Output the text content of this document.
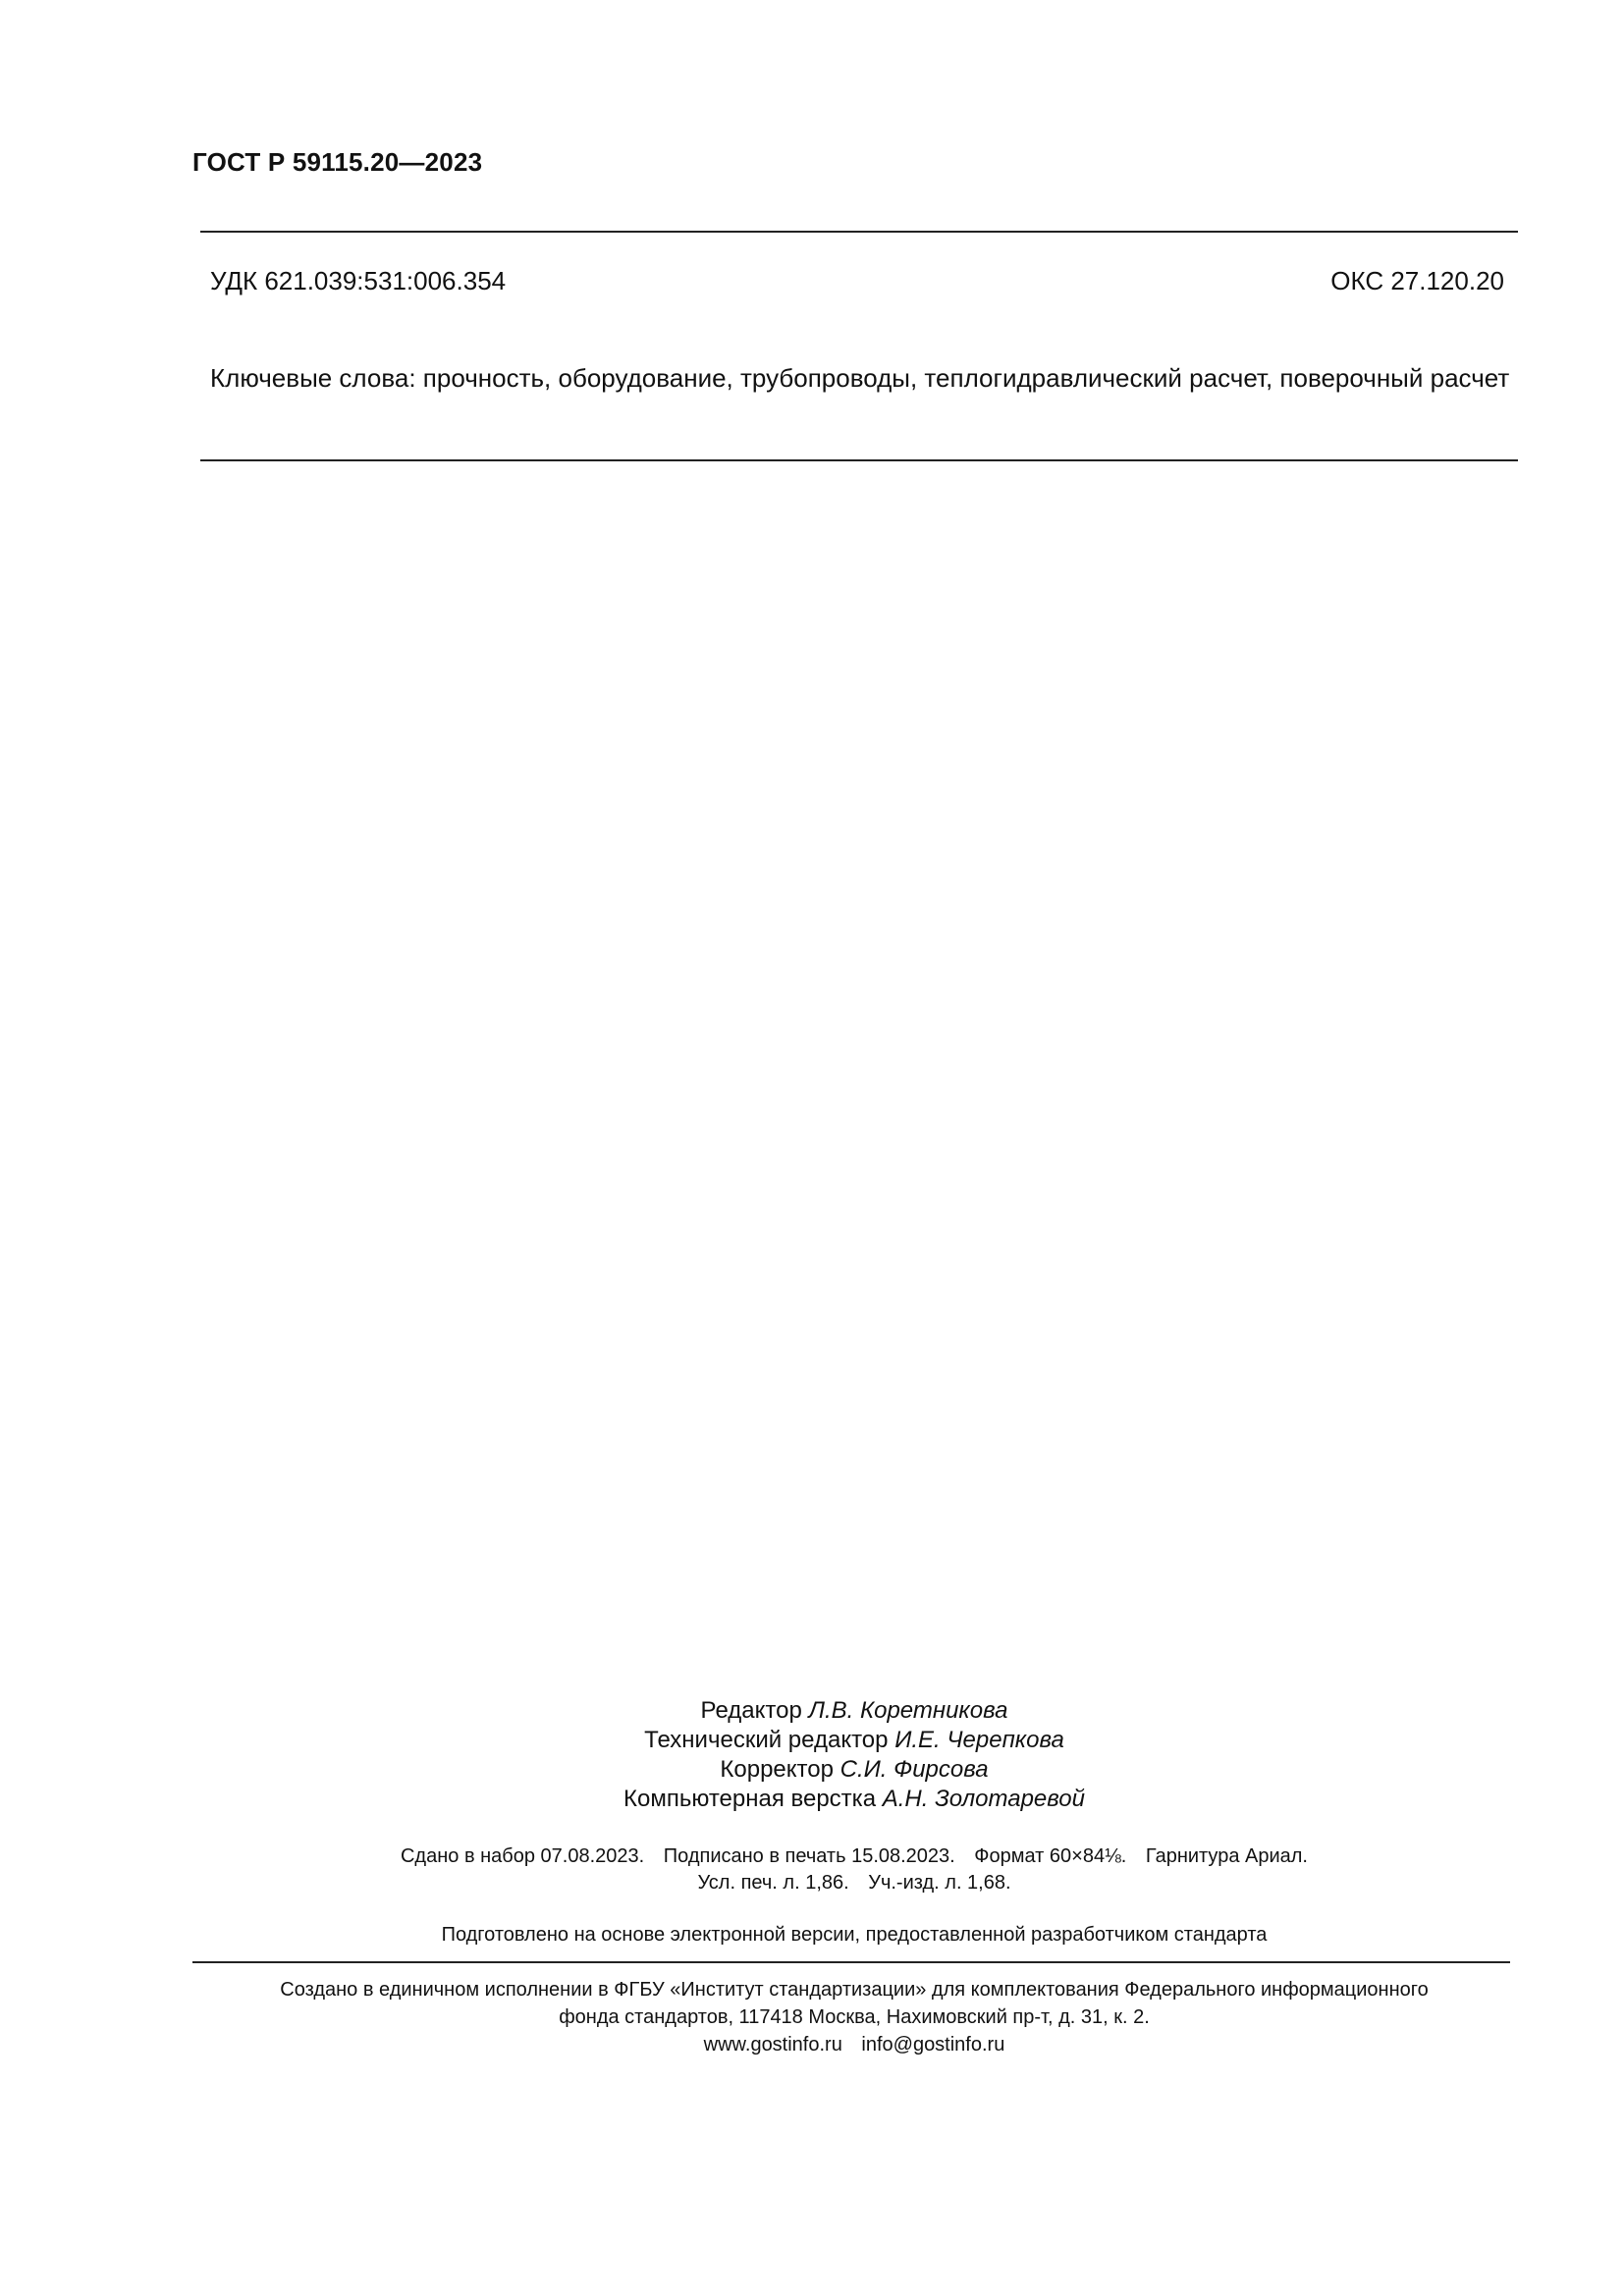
ГОСТ Р 59115.20—2023
УДК 621.039:531:006.354	ОКС 27.120.20
Ключевые слова: прочность, оборудование, трубопроводы, теплогидравлический расчет, поверочный расчет
Редактор Л.В. Коретникова
Технический редактор И.Е. Черепкова
Корректор С.И. Фирсова
Компьютерная верстка А.Н. Золотаревой
Сдано в набор 07.08.2023. Подписано в печать 15.08.2023. Формат 60×84⅛. Гарнитура Ариал.
Усл. печ. л. 1,86. Уч.-изд. л. 1,68.
Подготовлено на основе электронной версии, предоставленной разработчиком стандарта
Создано в единичном исполнении в ФГБУ «Институт стандартизации» для комплектования Федерального информационного
фонда стандартов, 117418 Москва, Нахимовский пр-т, д. 31, к. 2.
www.gostinfo.ru info@gostinfo.ru
